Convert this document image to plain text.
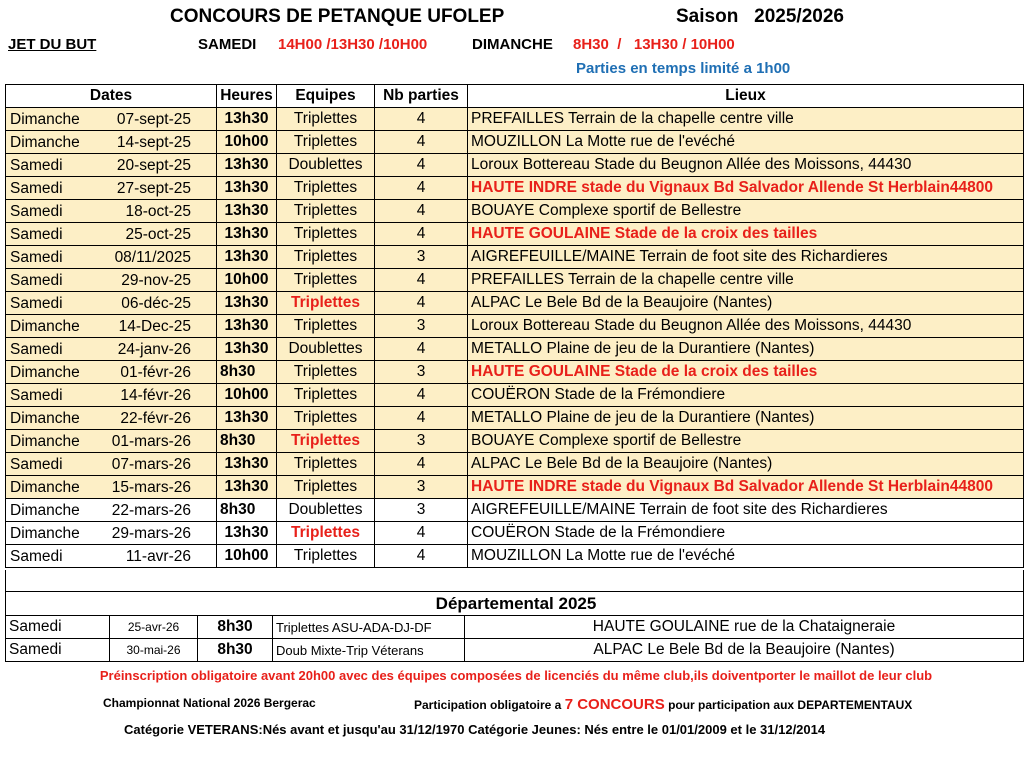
CONCOURS DE PETANQUE UFOLEP	Saison 2025/2026
JET DU BUT	SAMEDI 14H00 /13H30 /10H00	DIMANCHE 8H30  /   13H30 / 10H00
Parties en temps limité a 1h00
Dates	Heures	Equipes	Nb parties	Lieux

Dimanche 07-sept-25	13h30	Triplettes	4	PREFAILLES Terrain de la chapelle centre ville

Dimanche 14-sept-25	10h00	Triplettes	4	MOUZILLON La Motte rue de l'evéché

Samedi 20-sept-25	13h30	Doublettes	4	Loroux Bottereau Stade du Beugnon Allée des Moissons, 44430

Samedi 27-sept-25	13h30	Triplettes	4	HAUTE INDRE stade du Vignaux Bd Salvador Allende St Herblain44800

Samedi 18-oct-25	13h30	Triplettes	4	BOUAYE Complexe sportif de Bellestre

Samedi 25-oct-25	13h30	Triplettes	4	HAUTE GOULAINE Stade de la croix des tailles

Samedi 08/11/2025	13h30	Triplettes	3	AIGREFEUILLE/MAINE Terrain de foot site des Richardieres

Samedi 29-nov-25	10h00	Triplettes	4	PREFAILLES Terrain de la chapelle centre ville

Samedi 06-déc-25	13h30	Triplettes	4	ALPAC Le Bele Bd de la Beaujoire (Nantes)

Dimanche 14-Dec-25	13h30	Triplettes	3	Loroux Bottereau Stade du Beugnon Allée des Moissons, 44430

Samedi 24-janv-26	13h30	Doublettes	4	METALLO Plaine de jeu de la Durantiere (Nantes)

Dimanche 01-févr-26	8h30	Triplettes	3	HAUTE GOULAINE Stade de la croix des tailles

Samedi 14-févr-26	10h00	Triplettes	4	COUËRON Stade de la Frémondiere

Dimanche 22-févr-26	13h30	Triplettes	4	METALLO Plaine de jeu de la Durantiere (Nantes)

Dimanche 01-mars-26	8h30	Triplettes	3	BOUAYE Complexe sportif de Bellestre

Samedi 07-mars-26	13h30	Triplettes	4	ALPAC Le Bele Bd de la Beaujoire (Nantes)

Dimanche 15-mars-26	13h30	Triplettes	3	HAUTE INDRE stade du Vignaux Bd Salvador Allende St Herblain44800

Dimanche 22-mars-26	8h30	Doublettes	3	AIGREFEUILLE/MAINE Terrain de foot site des Richardieres

Dimanche 29-mars-26	13h30	Triplettes	4	COUËRON Stade de la Frémondiere

Samedi 11-avr-26	10h00	Triplettes	4	MOUZILLON La Motte rue de l'evéché
Départemental 2025
Samedi	25-avr-26	8h30	Triplettes ASU-ADA-DJ-DF	HAUTE GOULAINE rue de la Chataigneraie
Samedi	30-mai-26	8h30	Doub Mixte-Trip Véterans	ALPAC Le Bele Bd de la Beaujoire (Nantes)
Préinscription obligatoire avant 20h00 avec des équipes composées de licenciés du même club,ils doiventporter le maillot de leur club
Championnat National 2026 Bergerac	Participation obligatoire a 7 CONCOURS pour participation aux DEPARTEMENTAUX
Catégorie VETERANS:Nés avant et jusqu'au 31/12/1970 Catégorie Jeunes: Nés entre le 01/01/2009 et le 31/12/2014
